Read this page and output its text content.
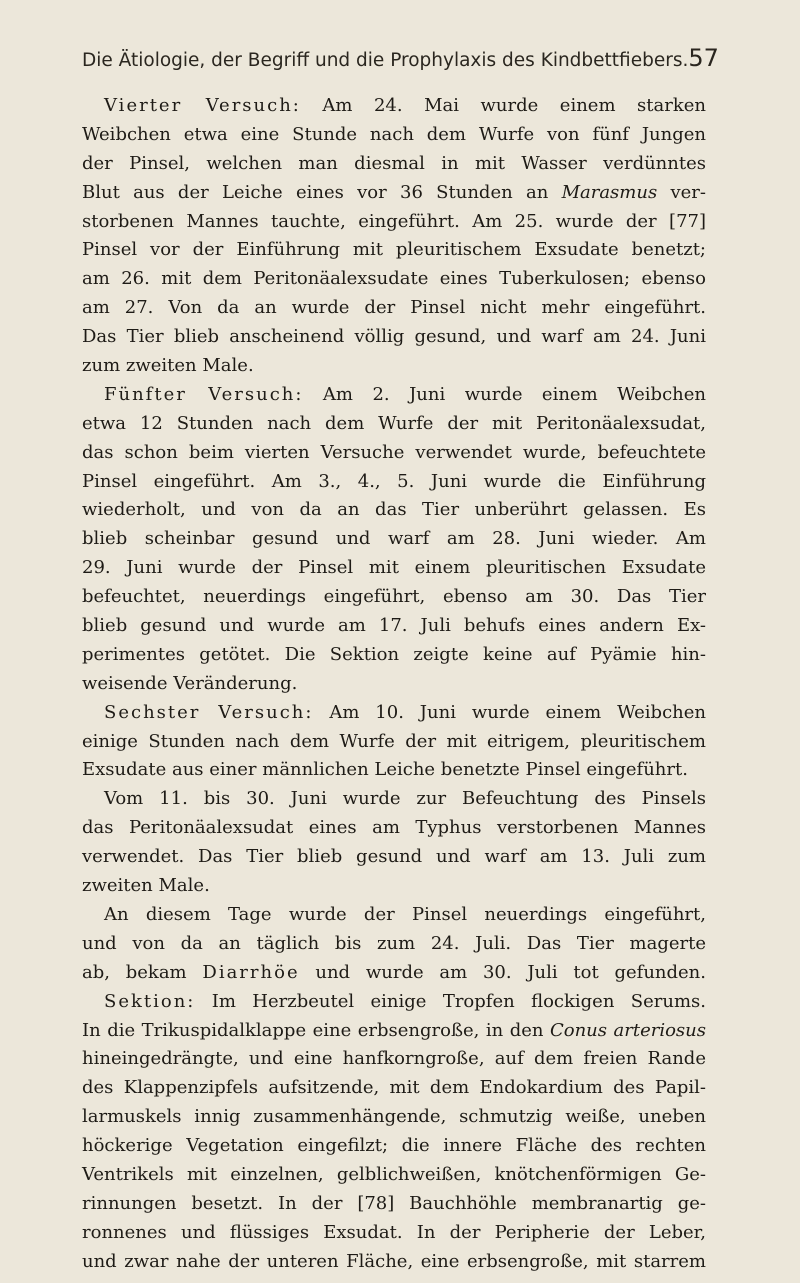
Die Ätiologie, der Begriff und die Prophylaxis des Kindbettfiebers. 57
Vierter Versuch: Am 24. Mai wurde einem starken
Weibchen etwa eine Stunde nach dem Wurfe von fünf Jungen
der Pinsel, welchen man diesmal in mit Wasser verdünntes
Blut aus der Leiche eines vor 36 Stunden an Marasmus ver-
storbenen Mannes tauchte, eingeführt. Am 25. wurde der [77]
Pinsel vor der Einführung mit pleuritischem Exsudate benetzt;
am 26. mit dem Peritonäalexsudate eines Tuberkulosen; ebenso
am 27. Von da an wurde der Pinsel nicht mehr eingeführt.
Das Tier blieb anscheinend völlig gesund, und warf am 24. Juni
zum zweiten Male.
Fünfter Versuch: Am 2. Juni wurde einem Weibchen
etwa 12 Stunden nach dem Wurfe der mit Peritonäalexsudat,
das schon beim vierten Versuche verwendet wurde, befeuchtete
Pinsel eingeführt. Am 3., 4., 5. Juni wurde die Einführung
wiederholt, und von da an das Tier unberührt gelassen. Es
blieb scheinbar gesund und warf am 28. Juni wieder. Am
29. Juni wurde der Pinsel mit einem pleuritischen Exsudate
befeuchtet, neuerdings eingeführt, ebenso am 30. Das Tier
blieb gesund und wurde am 17. Juli behufs eines andern Ex-
perimentes getötet. Die Sektion zeigte keine auf Pyämie hin-
weisende Veränderung.
Sechster Versuch: Am 10. Juni wurde einem Weibchen
einige Stunden nach dem Wurfe der mit eitrigem, pleuritischem
Exsudate aus einer männlichen Leiche benetzte Pinsel eingeführt.
Vom 11. bis 30. Juni wurde zur Befeuchtung des Pinsels
das Peritonäalexsudat eines am Typhus verstorbenen Mannes
verwendet. Das Tier blieb gesund und warf am 13. Juli zum
zweiten Male.
An diesem Tage wurde der Pinsel neuerdings eingeführt,
und von da an täglich bis zum 24. Juli. Das Tier magerte
ab, bekam Diarrhöe und wurde am 30. Juli tot gefunden.
Sektion: Im Herzbeutel einige Tropfen flockigen Serums.
In die Trikuspidalklappe eine erbsengroße, in den Conus arteriosus
hineingedrängte, und eine hanfkorngroße, auf dem freien Rande
des Klappenzipfels aufsitzende, mit dem Endokardium des Papil-
larmuskels innig zusammenhängende, schmutzig weiße, uneben
höckerige Vegetation eingefilzt; die innere Fläche des rechten
Ventrikels mit einzelnen, gelblichweißen, knötchenförmigen Ge-
rinnungen besetzt. In der [78] Bauchhöhle membranartig ge-
ronnenes und flüssiges Exsudat. In der Peripherie der Leber,
und zwar nahe der unteren Fläche, eine erbsengroße, mit starrem
